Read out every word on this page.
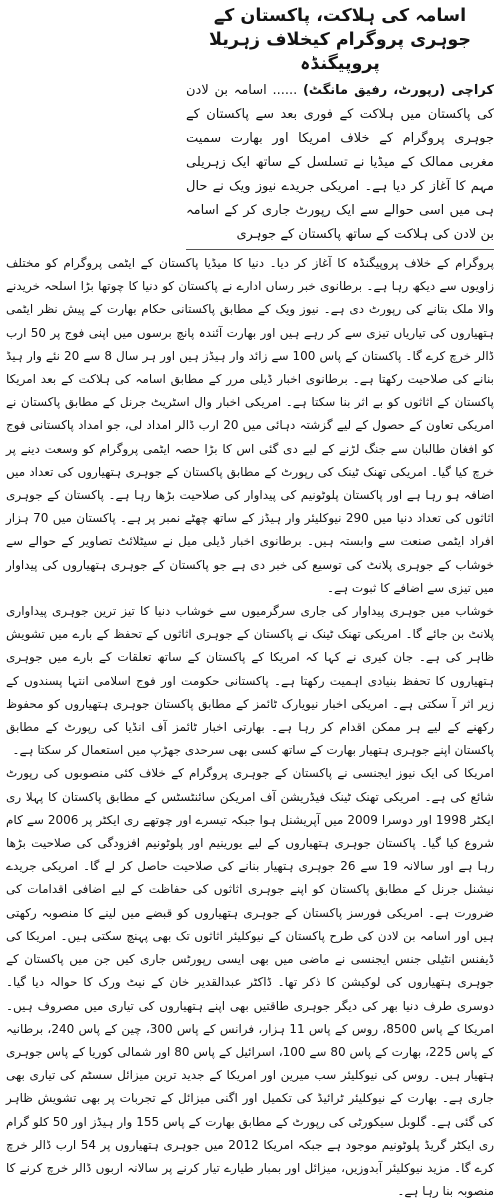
اسامہ کی ہلاکت، پاکستان کے جوہری پروگرام کیخلاف زہریلا پروپیگنڈہ

کراچی (رپورٹ، رفیق مانگٹ) ...... اسامہ بن لادن کی پاکستان میں ہلاکت کے فوری بعد سے پاکستان کے جوہری پروگرام کے خلاف امریکا اور بھارت سمیت مغربی ممالک کے میڈیا نے تسلسل کے ساتھ ایک زہریلی مہم کا آغاز کر دیا ہے۔ امریکی جریدے نیوز ویک نے حال ہی میں اسی حوالے سے ایک رپورٹ جاری کر کے اسامہ بن لادن کی ہلاکت کے ساتھ پاکستان کے جوہری

پروگرام کے خلاف پروپیگنڈہ کا آغاز کر دیا۔ دنیا کا میڈیا پاکستان کے ایٹمی پروگرام کو مختلف زاویوں سے دیکھ رہا ہے۔ برطانوی خبر رساں ادارے نے پاکستان کو دنیا کا چوتھا بڑا اسلحہ خریدنے والا ملک بتانے کی رپورٹ دی ہے۔ نیوز ویک کے مطابق پاکستانی حکام بھارت کے پیش نظر ایٹمی ہتھیاروں کی تیاریاں تیزی سے کر رہے ہیں اور بھارت آئندہ پانچ برسوں میں اپنی فوج پر 50 ارب ڈالر خرچ کرے گا۔ پاکستان کے پاس 100 سے زائد وار ہیڈز ہیں اور ہر سال 8 سے 20 نئے وار ہیڈ بنانے کی صلاحیت رکھتا ہے۔ برطانوی اخبار ڈیلی مرر کے مطابق اسامہ کی ہلاکت کے بعد امریکا پاکستان کے اثاثوں کو بے اثر بنا سکتا ہے۔ امریکی اخبار وال اسٹریٹ جرنل کے مطابق پاکستان نے امریکی تعاون کے حصول کے لیے گزشتہ دہائی میں 20 ارب ڈالر امداد لی، جو امداد پاکستانی فوج کو افغان طالبان سے جنگ لڑنے کے لیے دی گئی اس کا بڑا حصہ ایٹمی پروگرام کو وسعت دینے پر خرچ کیا گیا۔ امریکی تھنک ٹینک کی رپورٹ کے مطابق پاکستان کے جوہری ہتھیاروں کی تعداد میں اضافہ ہو رہا ہے اور پاکستان پلوٹونیم کی پیداوار کی صلاحیت بڑھا رہا ہے۔ پاکستان کے جوہری اثاثوں کی تعداد دنیا میں 290 نیوکلیئر وار ہیڈز کے ساتھ چھٹے نمبر پر ہے۔ پاکستان میں 70 ہزار افراد ایٹمی صنعت سے وابستہ ہیں۔ برطانوی اخبار ڈیلی میل نے سیٹلائٹ تصاویر کے حوالے سے خوشاب کے جوہری پلانٹ کی توسیع کی خبر دی ہے جو پاکستان کے جوہری ہتھیاروں کی پیداوار میں تیزی سے اضافے کا ثبوت ہے۔

خوشاب میں جوہری پیداوار کی جاری سرگرمیوں سے خوشاب دنیا کا تیز ترین جوہری پیداواری پلانٹ بن جائے گا۔ امریکی تھنک ٹینک نے پاکستان کے جوہری اثاثوں کے تحفظ کے بارے میں تشویش ظاہر کی ہے۔ جان کیری نے کہا کہ امریکا کے پاکستان کے ساتھ تعلقات کے بارے میں جوہری ہتھیاروں کا تحفظ بنیادی اہمیت رکھتا ہے۔ پاکستانی حکومت اور فوج اسلامی انتہا پسندوں کے زیر اثر آ سکتی ہے۔ امریکی اخبار نیویارک ٹائمز کے مطابق پاکستان جوہری ہتھیاروں کو محفوظ رکھنے کے لیے ہر ممکن اقدام کر رہا ہے۔ بھارتی اخبار ٹائمز آف انڈیا کی رپورٹ کے مطابق پاکستان اپنے جوہری ہتھیار بھارت کے ساتھ کسی بھی سرحدی جھڑپ میں استعمال کر سکتا ہے۔

امریکا کی ایک نیوز ایجنسی نے پاکستان کے جوہری پروگرام کے خلاف کئی منصوبوں کی رپورٹ شائع کی ہے۔ امریکی تھنک ٹینک فیڈریشن آف امریکن سائنٹسٹس کے مطابق پاکستان کا پہلا ری ایکٹر 1998 اور دوسرا 2009 میں آپریشنل ہوا جبکہ تیسرے اور چوتھے ری ایکٹر پر 2006 سے کام شروع کیا گیا۔ پاکستان جوہری ہتھیاروں کے لیے یورینیم اور پلوٹونیم افزودگی کی صلاحیت بڑھا رہا ہے اور سالانہ 19 سے 26 جوہری ہتھیار بنانے کی صلاحیت حاصل کر لے گا۔ امریکی جریدے نیشنل جرنل کے مطابق پاکستان کو اپنے جوہری اثاثوں کی حفاظت کے لیے اضافی اقدامات کی ضرورت ہے۔ امریکی فورسز پاکستان کے جوہری ہتھیاروں کو قبضے میں لینے کا منصوبہ رکھتی ہیں اور اسامہ بن لادن کی طرح پاکستان کے نیوکلیئر اثاثوں تک بھی پہنچ سکتی ہیں۔ امریکا کی ڈیفنس انٹیلی جنس ایجنسی نے ماضی میں بھی ایسی رپورٹس جاری کیں جن میں پاکستان کے جوہری ہتھیاروں کی لوکیشن کا ذکر تھا۔ ڈاکٹر عبدالقدیر خان کے نیٹ ورک کا حوالہ دیا گیا۔ دوسری طرف دنیا بھر کی دیگر جوہری طاقتیں بھی اپنے ہتھیاروں کی تیاری میں مصروف ہیں۔ امریکا کے پاس 8500، روس کے پاس 11 ہزار، فرانس کے پاس 300، چین کے پاس 240، برطانیہ کے پاس 225، بھارت کے پاس 80 سے 100، اسرائیل کے پاس 80 اور شمالی کوریا کے پاس جوہری ہتھیار ہیں۔ روس کی نیوکلیئر سب میرین اور امریکا کے جدید ترین میزائل سسٹم کی تیاری بھی جاری ہے۔ بھارت کے نیوکلیئر ٹرائیڈ کی تکمیل اور اگنی میزائل کے تجربات پر بھی تشویش ظاہر کی گئی ہے۔ گلوبل سیکورٹی کی رپورٹ کے مطابق بھارت کے پاس 155 وار ہیڈز اور 50 کلو گرام ری ایکٹر گریڈ پلوٹونیم موجود ہے جبکہ امریکا 2012 میں جوہری ہتھیاروں پر 54 ارب ڈالر خرچ کرے گا۔ مزید نیوکلیئر آبدوزیں، میزائل اور بمبار طیارے تیار کرنے پر سالانہ اربوں ڈالر خرچ کرنے کا منصوبہ بنا رہا ہے۔
